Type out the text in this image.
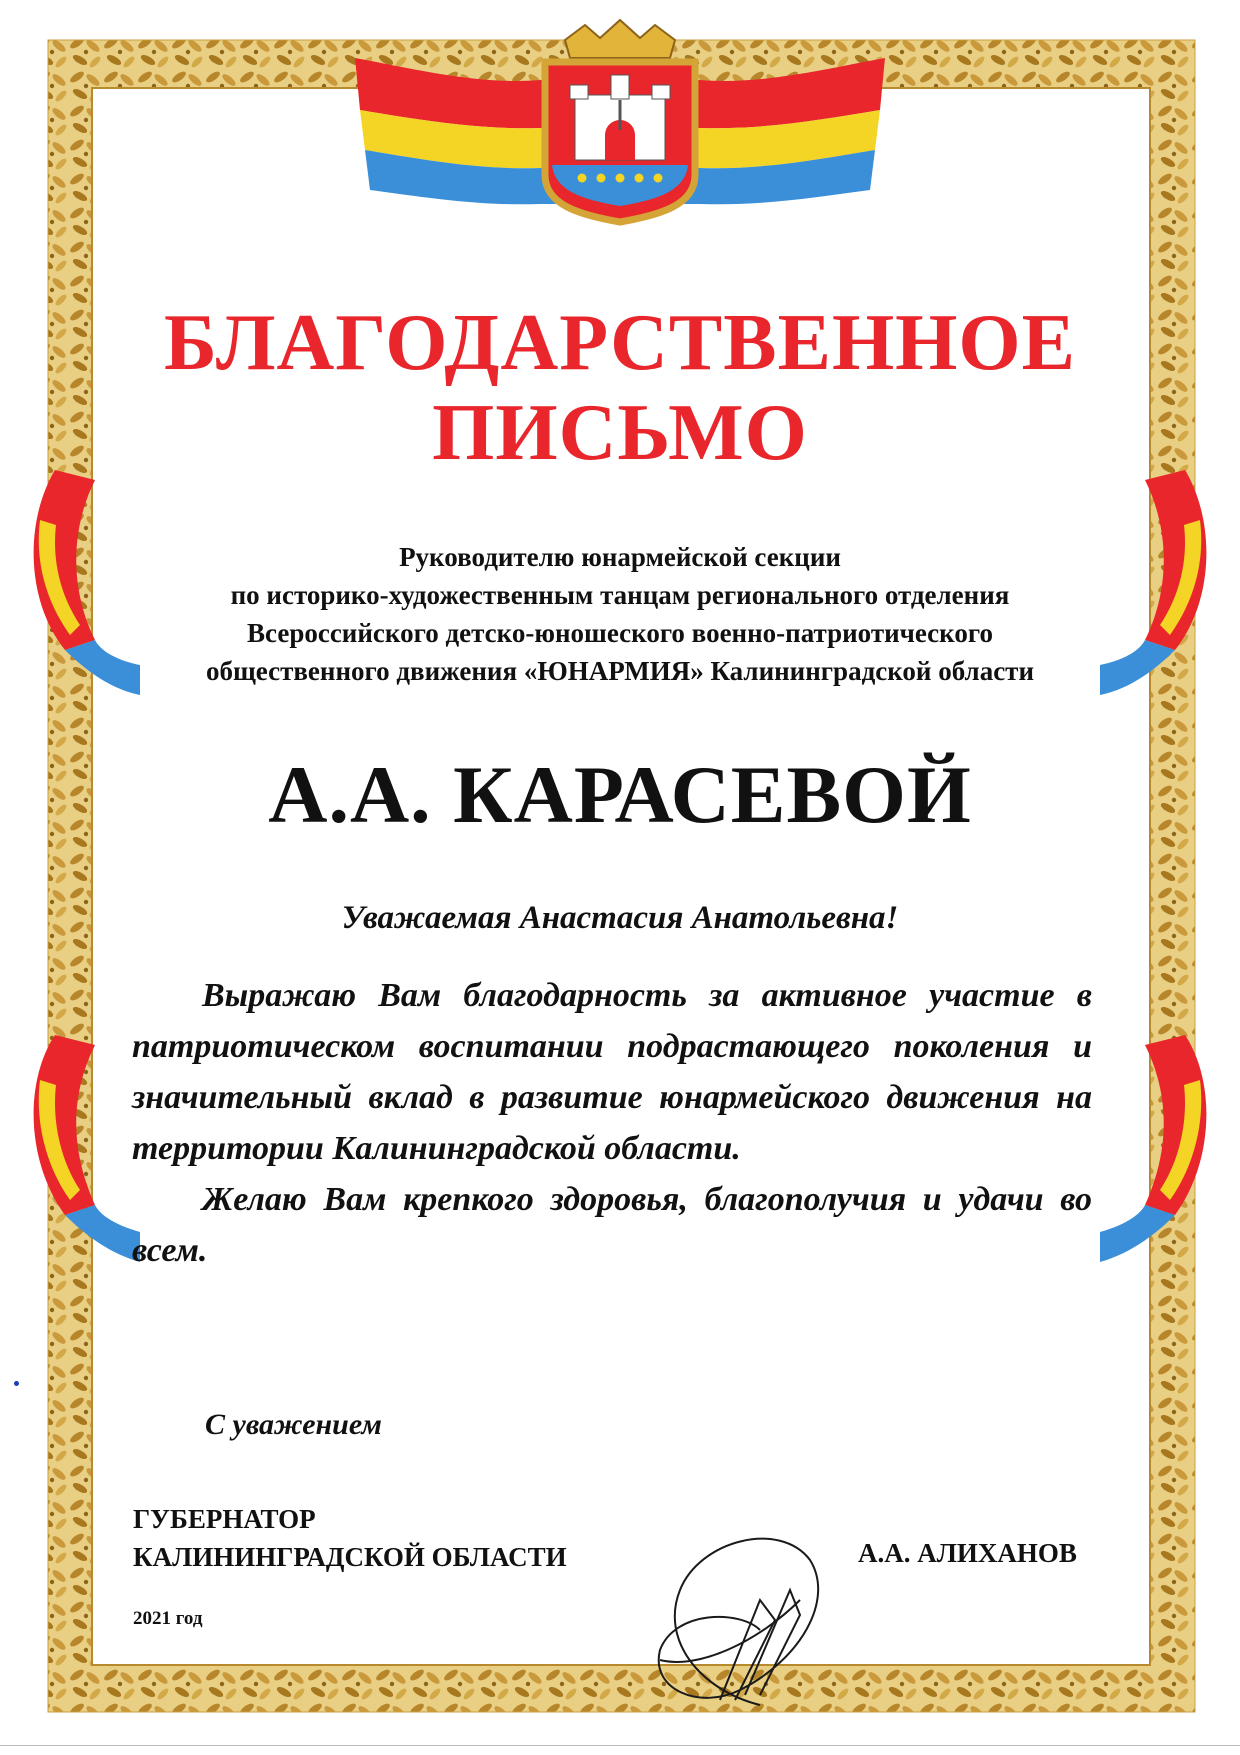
БЛАГОДАРСТВЕННОЕ
ПИСЬМО
Руководителю юнармейской секции
по историко-художественным танцам регионального отделения
Всероссийского детско-юношеского военно-патриотического
общественного движения «ЮНАРМИЯ» Калининградской области
А.А. КАРАСЕВОЙ
Уважаемая Анастасия Анатольевна!

Выражаю Вам благодарность за активное участие в патриотическом воспитании подрастающего поколения и значительный вклад в развитие юнармейского движения на территории Калининградской области.

Желаю Вам крепкого здоровья, благополучия и удачи во всем.

С уважением
ГУБЕРНАТОР
КАЛИНИНГРАДСКОЙ ОБЛАСТИ	А.А. АЛИХАНОВ
2021 год
